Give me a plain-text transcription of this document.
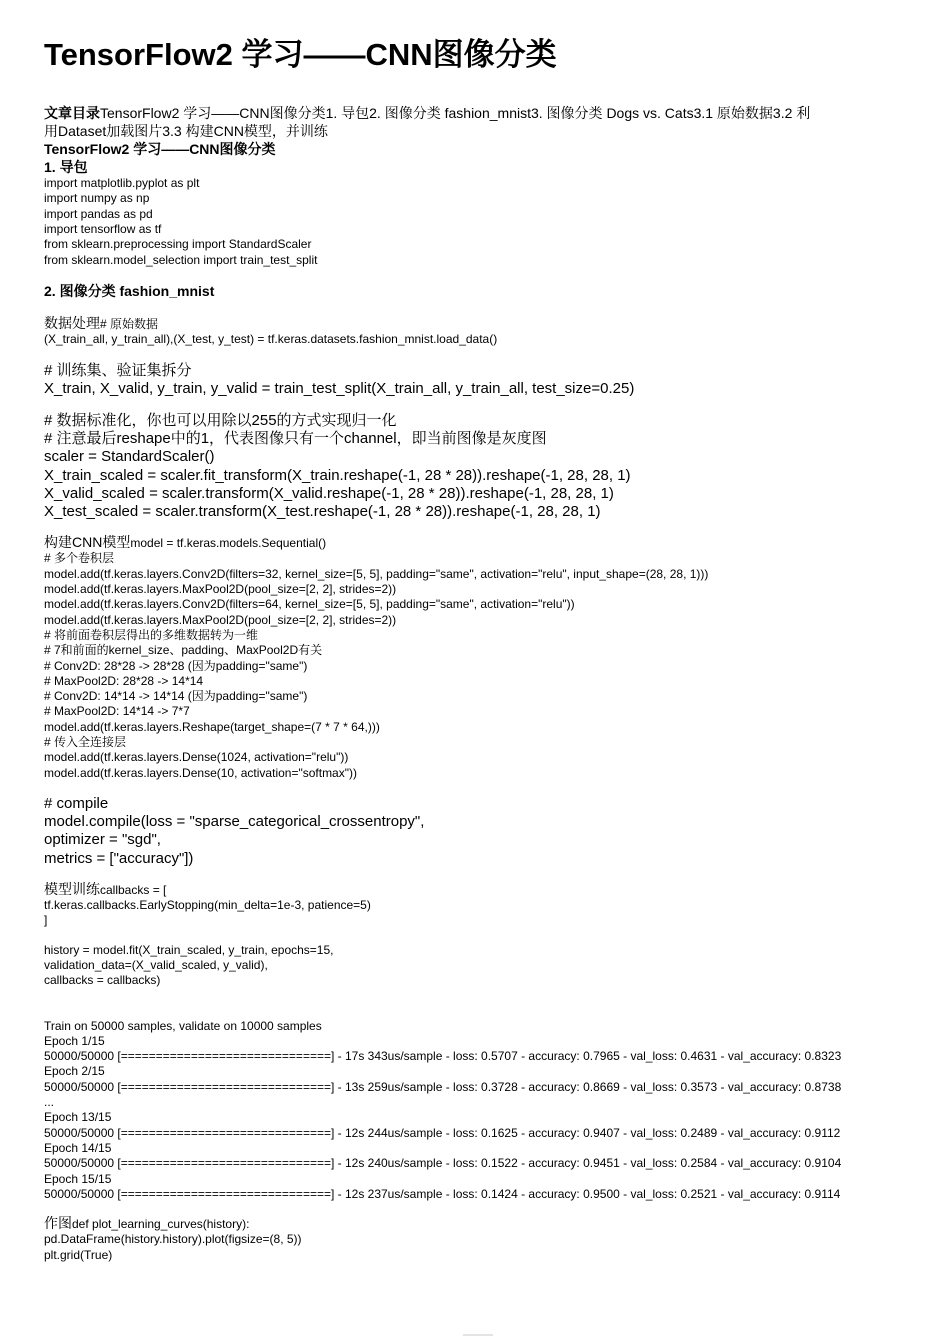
TensorFlow2 学习——CNN图像分类
文章目录TensorFlow2 学习——CNN图像分类1. 导包2. 图像分类 fashion_mnist3. 图像分类 Dogs vs. Cats3.1 原始数据3.2 利
用Dataset加载图片3.3 构建CNN模型，并训练
TensorFlow2 学习——CNN图像分类
1. 导包
import matplotlib.pyplot as plt
import numpy as np
import pandas as pd
import tensorflow as tf
from sklearn.preprocessing import StandardScaler
from sklearn.model_selection import train_test_split
2. 图像分类 fashion_mnist
数据处理# 原始数据
(X_train_all, y_train_all),(X_test, y_test) = tf.keras.datasets.fashion_mnist.load_data()
# 训练集、验证集拆分
X_train, X_valid, y_train, y_valid = train_test_split(X_train_all, y_train_all, test_size=0.25)
# 数据标准化，你也可以用除以255的方式实现归一化
# 注意最后reshape中的1，代表图像只有一个channel，即当前图像是灰度图
scaler = StandardScaler()
X_train_scaled = scaler.fit_transform(X_train.reshape(-1, 28 * 28)).reshape(-1, 28, 28, 1)
X_valid_scaled = scaler.transform(X_valid.reshape(-1, 28 * 28)).reshape(-1, 28, 28, 1)
X_test_scaled = scaler.transform(X_test.reshape(-1, 28 * 28)).reshape(-1, 28, 28, 1)
构建CNN模型model = tf.keras.models.Sequential()
# 多个卷积层
model.add(tf.keras.layers.Conv2D(filters=32, kernel_size=[5, 5], padding="same", activation="relu", input_shape=(28, 28, 1)))
model.add(tf.keras.layers.MaxPool2D(pool_size=[2, 2], strides=2))
model.add(tf.keras.layers.Conv2D(filters=64, kernel_size=[5, 5], padding="same", activation="relu"))
model.add(tf.keras.layers.MaxPool2D(pool_size=[2, 2], strides=2))
# 将前面卷积层得出的多维数据转为一维
# 7和前面的kernel_size、padding、MaxPool2D有关
# Conv2D: 28*28 -> 28*28 (因为padding="same")
# MaxPool2D: 28*28 -> 14*14
# Conv2D: 14*14 -> 14*14 (因为padding="same")
# MaxPool2D: 14*14 -> 7*7
model.add(tf.keras.layers.Reshape(target_shape=(7 * 7 * 64,)))
# 传入全连接层
model.add(tf.keras.layers.Dense(1024, activation="relu"))
model.add(tf.keras.layers.Dense(10, activation="softmax"))
# compile
model.compile(loss = "sparse_categorical_crossentropy",
optimizer = "sgd",
metrics = ["accuracy"])
模型训练callbacks = [
tf.keras.callbacks.EarlyStopping(min_delta=1e-3, patience=5)
]
history = model.fit(X_train_scaled, y_train, epochs=15,
validation_data=(X_valid_scaled, y_valid),
callbacks = callbacks)
Train on 50000 samples, validate on 10000 samples
Epoch 1/15
50000/50000 [==============================] - 17s 343us/sample - loss: 0.5707 - accuracy: 0.7965 - val_loss: 0.4631 - val_accuracy: 0.8323
Epoch 2/15
50000/50000 [==============================] - 13s 259us/sample - loss: 0.3728 - accuracy: 0.8669 - val_loss: 0.3573 - val_accuracy: 0.8738
...
Epoch 13/15
50000/50000 [==============================] - 12s 244us/sample - loss: 0.1625 - accuracy: 0.9407 - val_loss: 0.2489 - val_accuracy: 0.9112
Epoch 14/15
50000/50000 [==============================] - 12s 240us/sample - loss: 0.1522 - accuracy: 0.9451 - val_loss: 0.2584 - val_accuracy: 0.9104
Epoch 15/15
50000/50000 [==============================] - 12s 237us/sample - loss: 0.1424 - accuracy: 0.9500 - val_loss: 0.2521 - val_accuracy: 0.9114
作图def plot_learning_curves(history):
pd.DataFrame(history.history).plot(figsize=(8, 5))
plt.grid(True)
